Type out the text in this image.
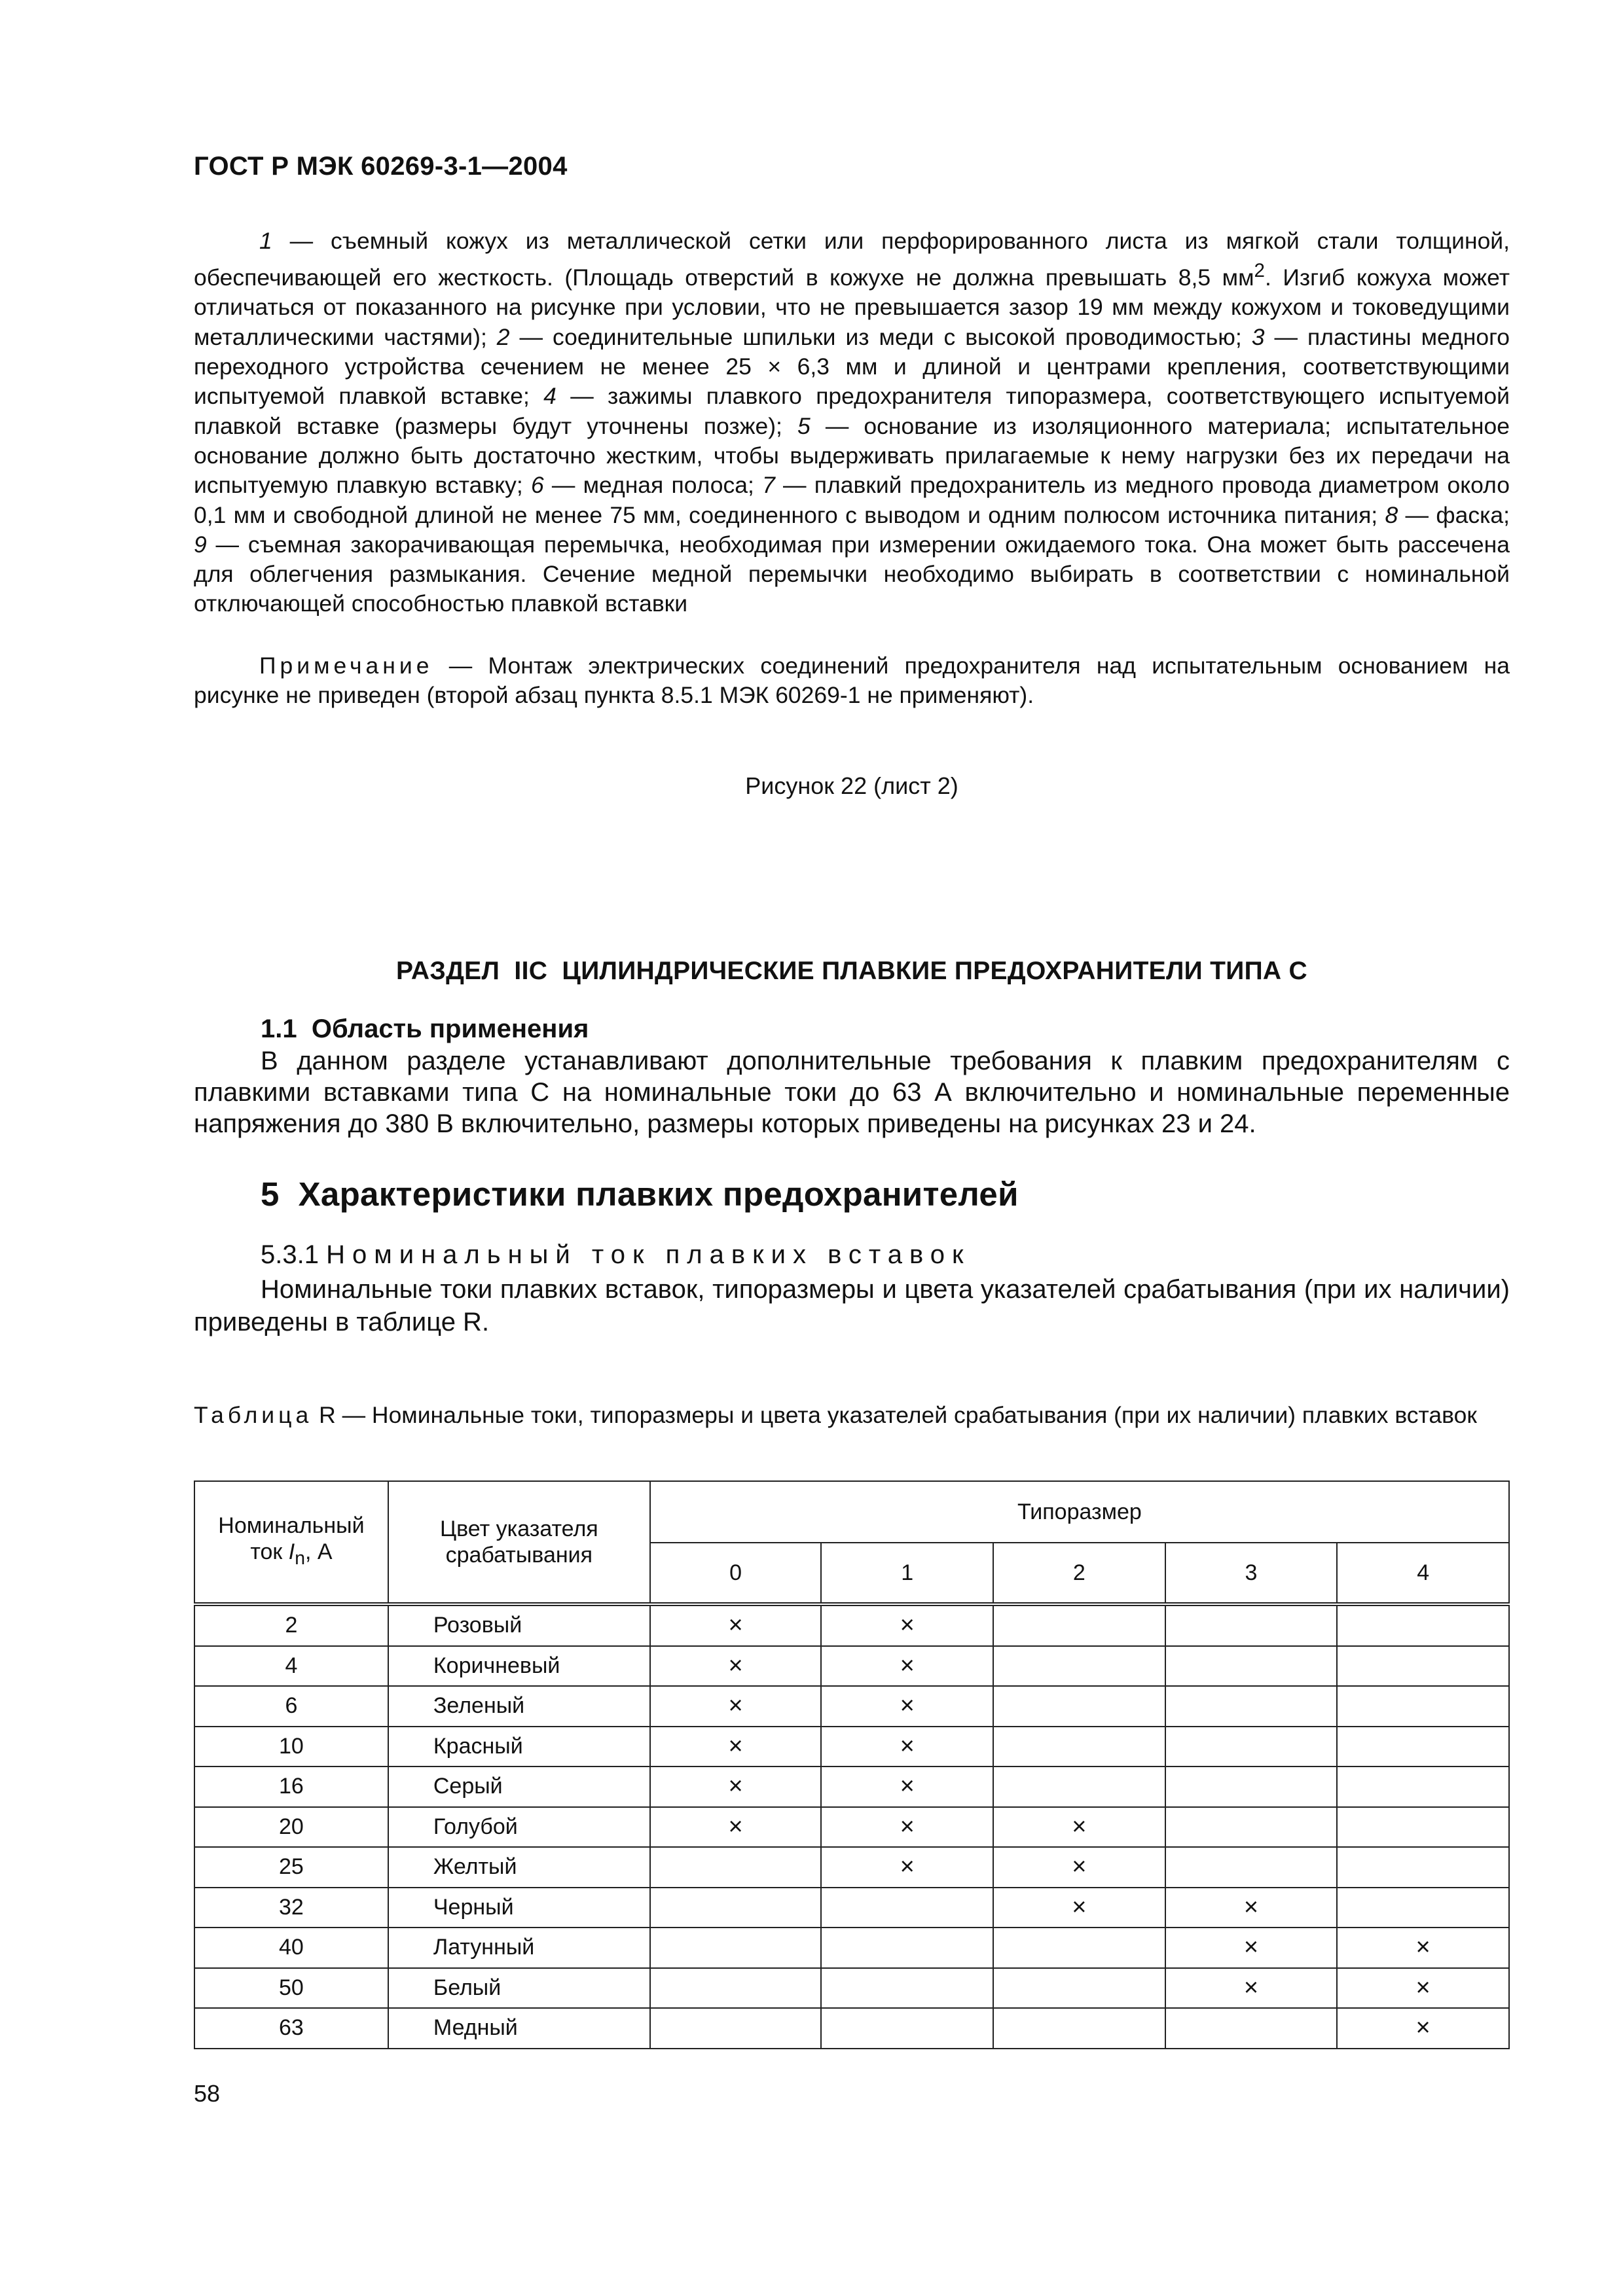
ГОСТ Р МЭК 60269-3-1—2004

1 — съемный кожух из металлической сетки или перфорированного листа из мягкой стали толщиной, обеспечивающей его жесткость. (Площадь отверстий в кожухе не должна превышать 8,5 $мм^2$. Изгиб кожуха может отличаться от показанного на рисунке при условии, что не превышается зазор 19 мм между кожухом и токоведущими металлическими частями); 2 — соединительные шпильки из меди с высокой проводимостью; 3 — пластины медного переходного устройства сечением не менее 25 × 6,3 мм и длиной и центрами крепления, соответствующими испытуемой плавкой вставке; 4 — зажимы плавкого предохранителя типоразмера, соответствующего испытуемой плавкой вставке (размеры будут уточнены позже); 5 — основание из изоляционного материала; испытательное основание должно быть достаточно жестким, чтобы выдерживать прилагаемые к нему нагрузки без их передачи на испытуемую плавкую вставку; 6 — медная полоса; 7 — плавкий предохранитель из медного провода диаметром около 0,1 мм и свободной длиной не менее 75 мм, соединенного с выводом и одним полюсом источника питания; 8 — фаска; 9 — съемная закорачивающая перемычка, необходимая при измерении ожидаемого тока. Она может быть рассечена для облегчения размыкания. Сечение медной перемычки необходимо выбирать в соответствии с номинальной отключающей способностью плавкой вставки

Примечание — Монтаж электрических соединений предохранителя над испытательным основанием на рисунке не приведен (второй абзац пункта 8.5.1 МЭК 60269-1 не применяют).

Рисунок 22 (лист 2)
РАЗДЕЛ  IIC  ЦИЛИНДРИЧЕСКИЕ ПЛАВКИЕ ПРЕДОХРАНИТЕЛИ ТИПА С
1.1  Область применения

В данном разделе устанавливают дополнительные требования к плавким предохранителям с плавкими вставками типа С на номинальные токи до 63 А включительно и номинальные переменные напряжения до 380 В включительно, размеры которых приведены на рисунках 23 и 24.

5  Характеристики плавких предохранителей
5.3.1 Номинальный ток плавких вставок

Номинальные токи плавких вставок, типоразмеры и цвета указателей срабатывания (при их наличии) приведены в таблице R.

Таблица R — Номинальные токи, типоразмеры и цвета указателей срабатывания (при их наличии) плавких вставок
Номинальный
ток $I_n$, А	Цвет указателя срабатывания	Типоразмер				
		0	1	2	3	4
2	Розовый	×	×			
4	Коричневый	×	×			
6	Зеленый	×	×			
10	Красный	×	×			
16	Серый	×	×			
20	Голубой	×	×	×		
25	Желтый		×	×		
32	Черный			×	×	
40	Латунный				×	×
50	Белый				×	×
63	Медный					×
58
